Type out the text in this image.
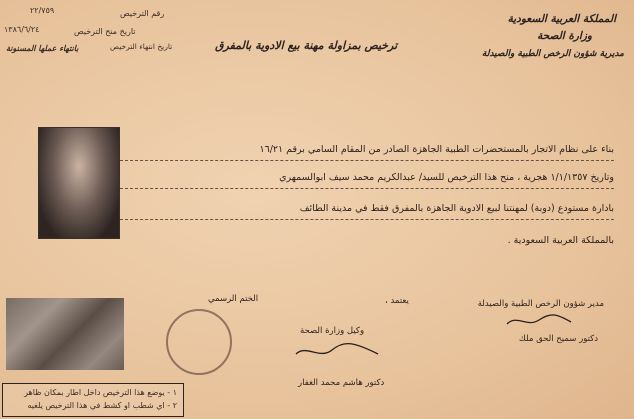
المملكة العربية السعودية
وزارة الصحة
مديرية شؤون الرخص الطبية والصيدلة
٢٢/٧٥٩	رقم الترخيص
١٣٨٦/٦/٢٤	تاريخ منح الترخيص
تاريخ انتهاء الترخيص
بانتهاء عملها المسنونة	ترخيص بمزاولة مهنة بيع الادوية بالمفرق
بناء على نظام الاتجار بالمستحضرات الطبية الجاهزة الصادر من المقام السامي برقم ١٦/٢١
وتاريخ ١/١/١٣٥٧ هجرية ، منح هذا الترخيص للسيد/ عبدالكريم محمد سيف ابوالسمهري
بادارة مستودع (دوبة) لمهنتنا لبيع الادوية الجاهزة بالمفرق فقط في مدينة الطائف
بالمملكة العربية السعودية .
الختم الرسمي	يعتمد ،	مدير شؤون الرخص الطبية والصيدلة
دكتور سميح الحق ملك
وكيل وزارة الصحة
دكتور هاشم محمد الغفار
١ - يوضع هذا الترخيص داخل اطار بمكان ظاهر
٢ - اي شطب او كشط في هذا الترخيص يلغيه
